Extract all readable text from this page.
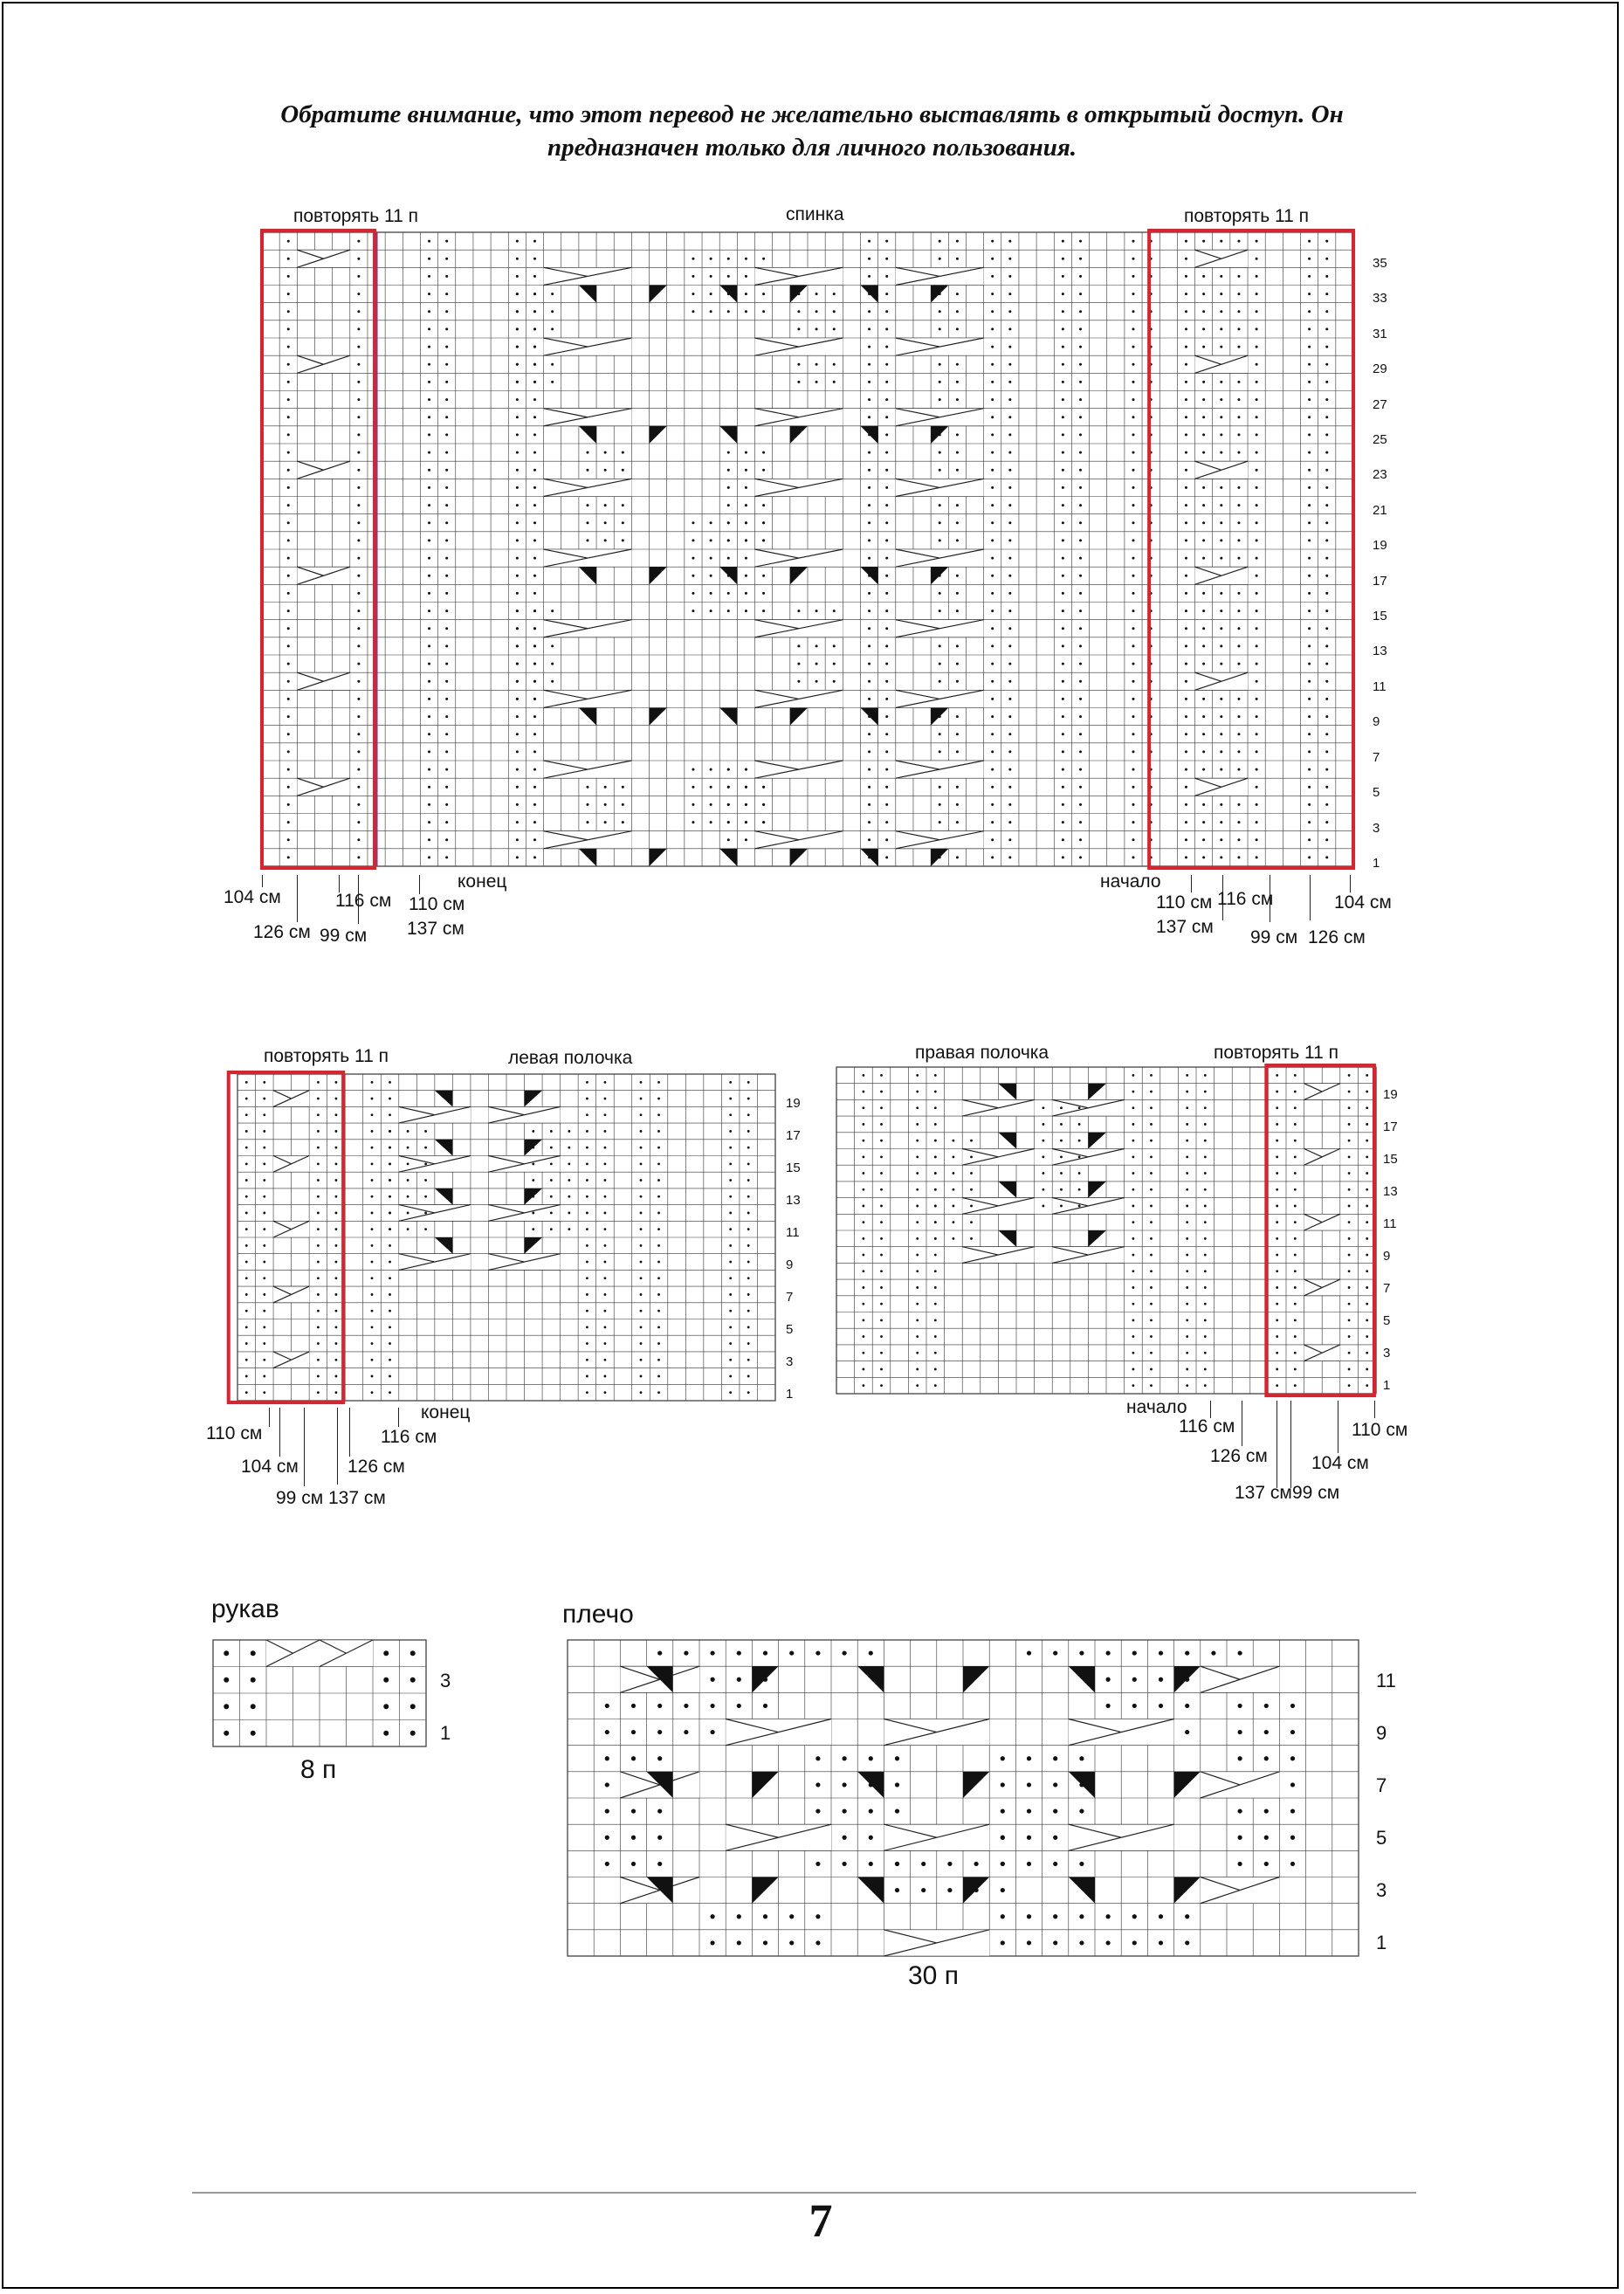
Обратите внимание, что этот перевод не желательно выставлять в открытый доступ. Он
предназначен только для личного пользования.
повторять 11 п	спинка	повторять 11 п
1
3
5
7
9
11
13
15
17
19
21
23
25
27
29
31
33
35
конец	начало
104 см
126 см
116 см
99 см
110 см
137 см
110 см
137 см
116 см
99 см 126 см
104 см
повторять 11 п	левая полочка
1
3
5
7
9
11
13
15
17
19
конец
110 см
104 см
99 см 137 см
126 см
116 см
правая полочка	повторять 11 п
1
3
5
7
9
11
13
15
17
19
начало
116 см
126 см
137 см 99 см
104 см
110 см
рукав
3
1
8 п
плечо
1
3
5
7
9
11
30 п
7
